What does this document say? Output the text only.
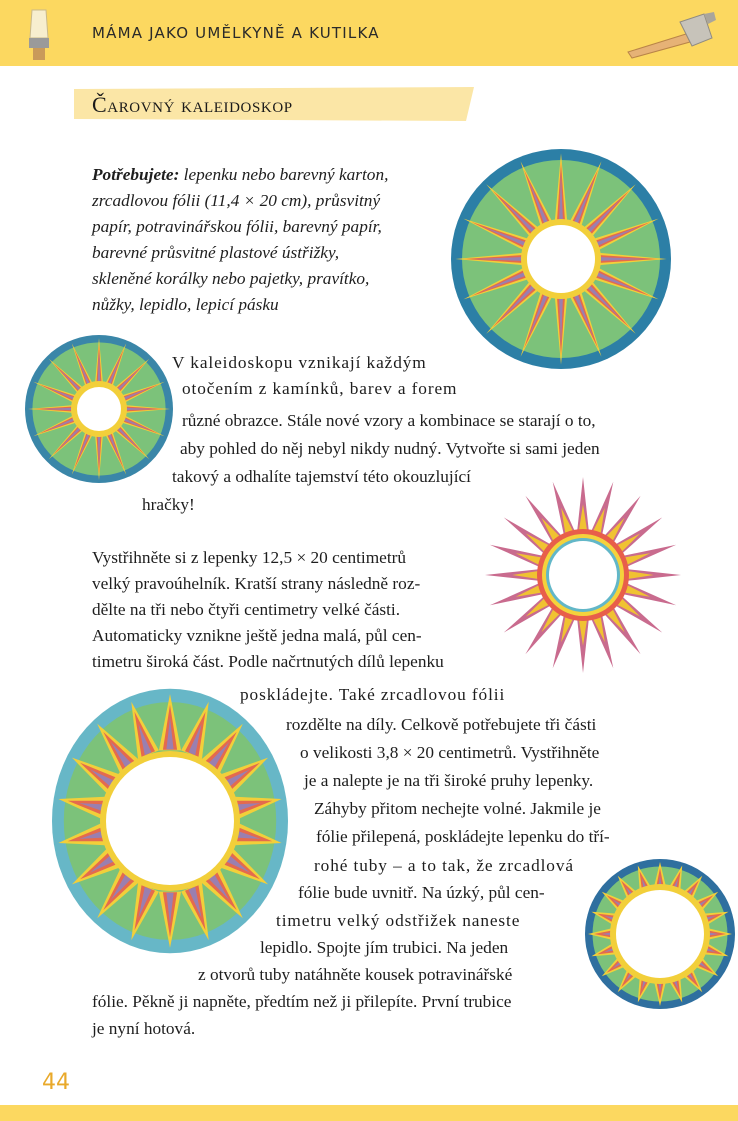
MÁMA JAKO UMĚLKYNĚ A KUTILKA
Čarovný kaleidoskop
Potřebujete: lepenku nebo barevný karton,
zrcadlovou fólii (11,4 × 20 cm), průsvitný
papír, potravinářskou fólii, barevný papír,
barevné průsvitné plastové ústřižky,
skleněné korálky nebo pajetky, pravítko,
nůžky, lepidlo, lepicí pásku
V kaleidoskopu vznikají každým
otočením z kamínků, barev a forem
různé obrazce. Stále nové vzory a kombinace se starají o to,
aby pohled do něj nebyl nikdy nudný. Vytvořte si sami jeden
takový a odhalíte tajemství této okouzlující
hračky!
Vystřihněte si z lepenky 12,5 × 20 centimetrů
velký pravoúhelník. Kratší strany následně roz-
dělte na tři nebo čtyři centimetry velké části.
Automaticky vznikne ještě jedna malá, půl cen-
timetru široká část. Podle načrtnutých dílů lepenku
poskládejte. Také zrcadlovou fólii
rozdělte na díly. Celkově potřebujete tři části
o velikosti 3,8 × 20 centimetrů. Vystřihněte
je a nalepte je na tři široké pruhy lepenky.
Záhyby přitom nechejte volné. Jakmile je
fólie přilepená, poskládejte lepenku do tří-
rohé tuby – a to tak, že zrcadlová
fólie bude uvnitř. Na úzký, půl cen-
timetru velký odstřižek naneste
lepidlo. Spojte jím trubici. Na jeden
z otvorů tuby natáhněte kousek potravinářské
fólie. Pěkně ji napněte, předtím než ji přilepíte. První trubice
je nyní hotová.
44
